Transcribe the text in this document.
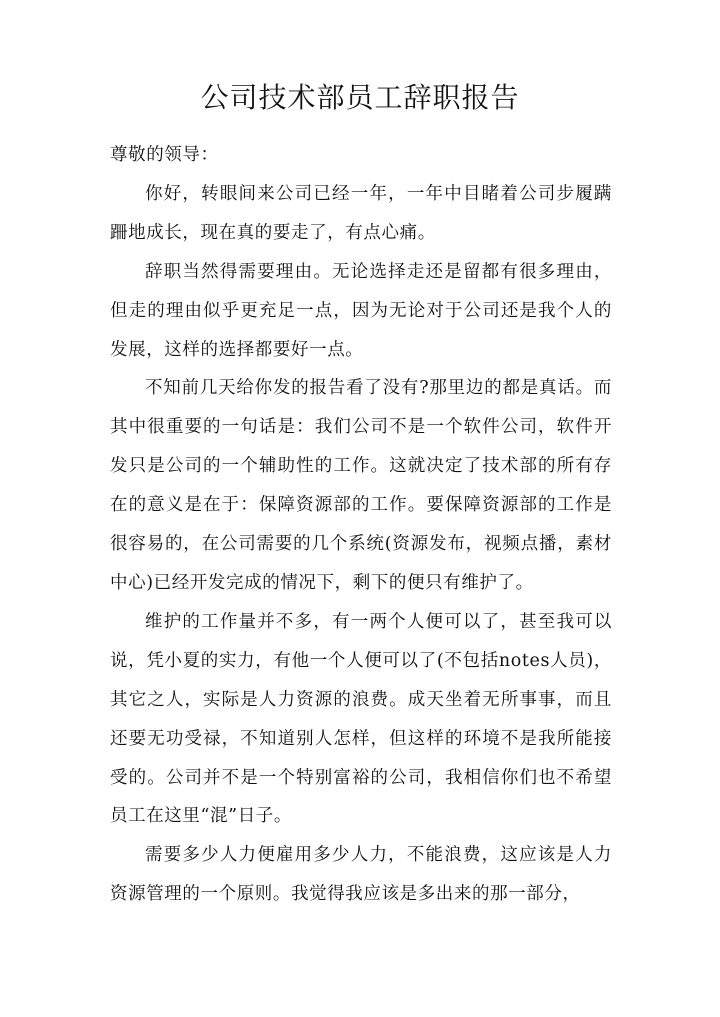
公司技术部员工辞职报告

尊敬的领导：

你好，转眼间来公司已经一年，一年中目睹着公司步履蹒跚地成长，现在真的要走了，有点心痛。

辞职当然得需要理由。无论选择走还是留都有很多理由，但走的理由似乎更充足一点，因为无论对于公司还是我个人的发展，这样的选择都要好一点。

不知前几天给你发的报告看了没有?那里边的都是真话。而其中很重要的一句话是：我们公司不是一个软件公司，软件开发只是公司的一个辅助性的工作。这就决定了技术部的所有存在的意义是在于：保障资源部的工作。要保障资源部的工作是很容易的，在公司需要的几个系统(资源发布，视频点播，素材中心)已经开发完成的情况下，剩下的便只有维护了。

维护的工作量并不多，有一两个人便可以了，甚至我可以说，凭小夏的实力，有他一个人便可以了(不包括notes人员)，其它之人，实际是人力资源的浪费。成天坐着无所事事，而且还要无功受禄，不知道别人怎样，但这样的环境不是我所能接受的。公司并不是一个特别富裕的公司，我相信你们也不希望员工在这里“混”日子。

需要多少人力便雇用多少人力，不能浪费，这应该是人力资源管理的一个原则。我觉得我应该是多出来的那一部分，
